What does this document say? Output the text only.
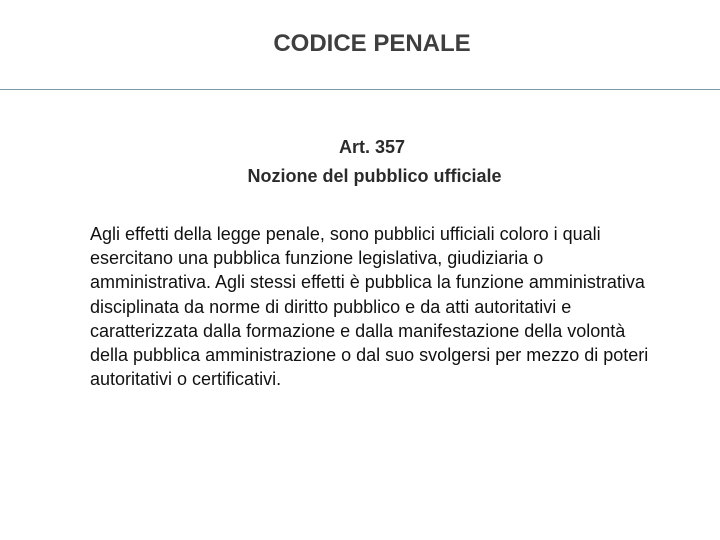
CODICE PENALE
Art. 357
Nozione del pubblico ufficiale
Agli effetti della legge penale, sono pubblici ufficiali coloro i quali esercitano una pubblica funzione legislativa, giudiziaria o amministrativa. Agli stessi effetti è pubblica la funzione amministrativa disciplinata da norme di diritto pubblico e da atti autoritativi e caratterizzata dalla formazione e dalla manifestazione della volontà della pubblica amministrazione o dal suo svolgersi per mezzo di poteri autoritativi o certificativi.
